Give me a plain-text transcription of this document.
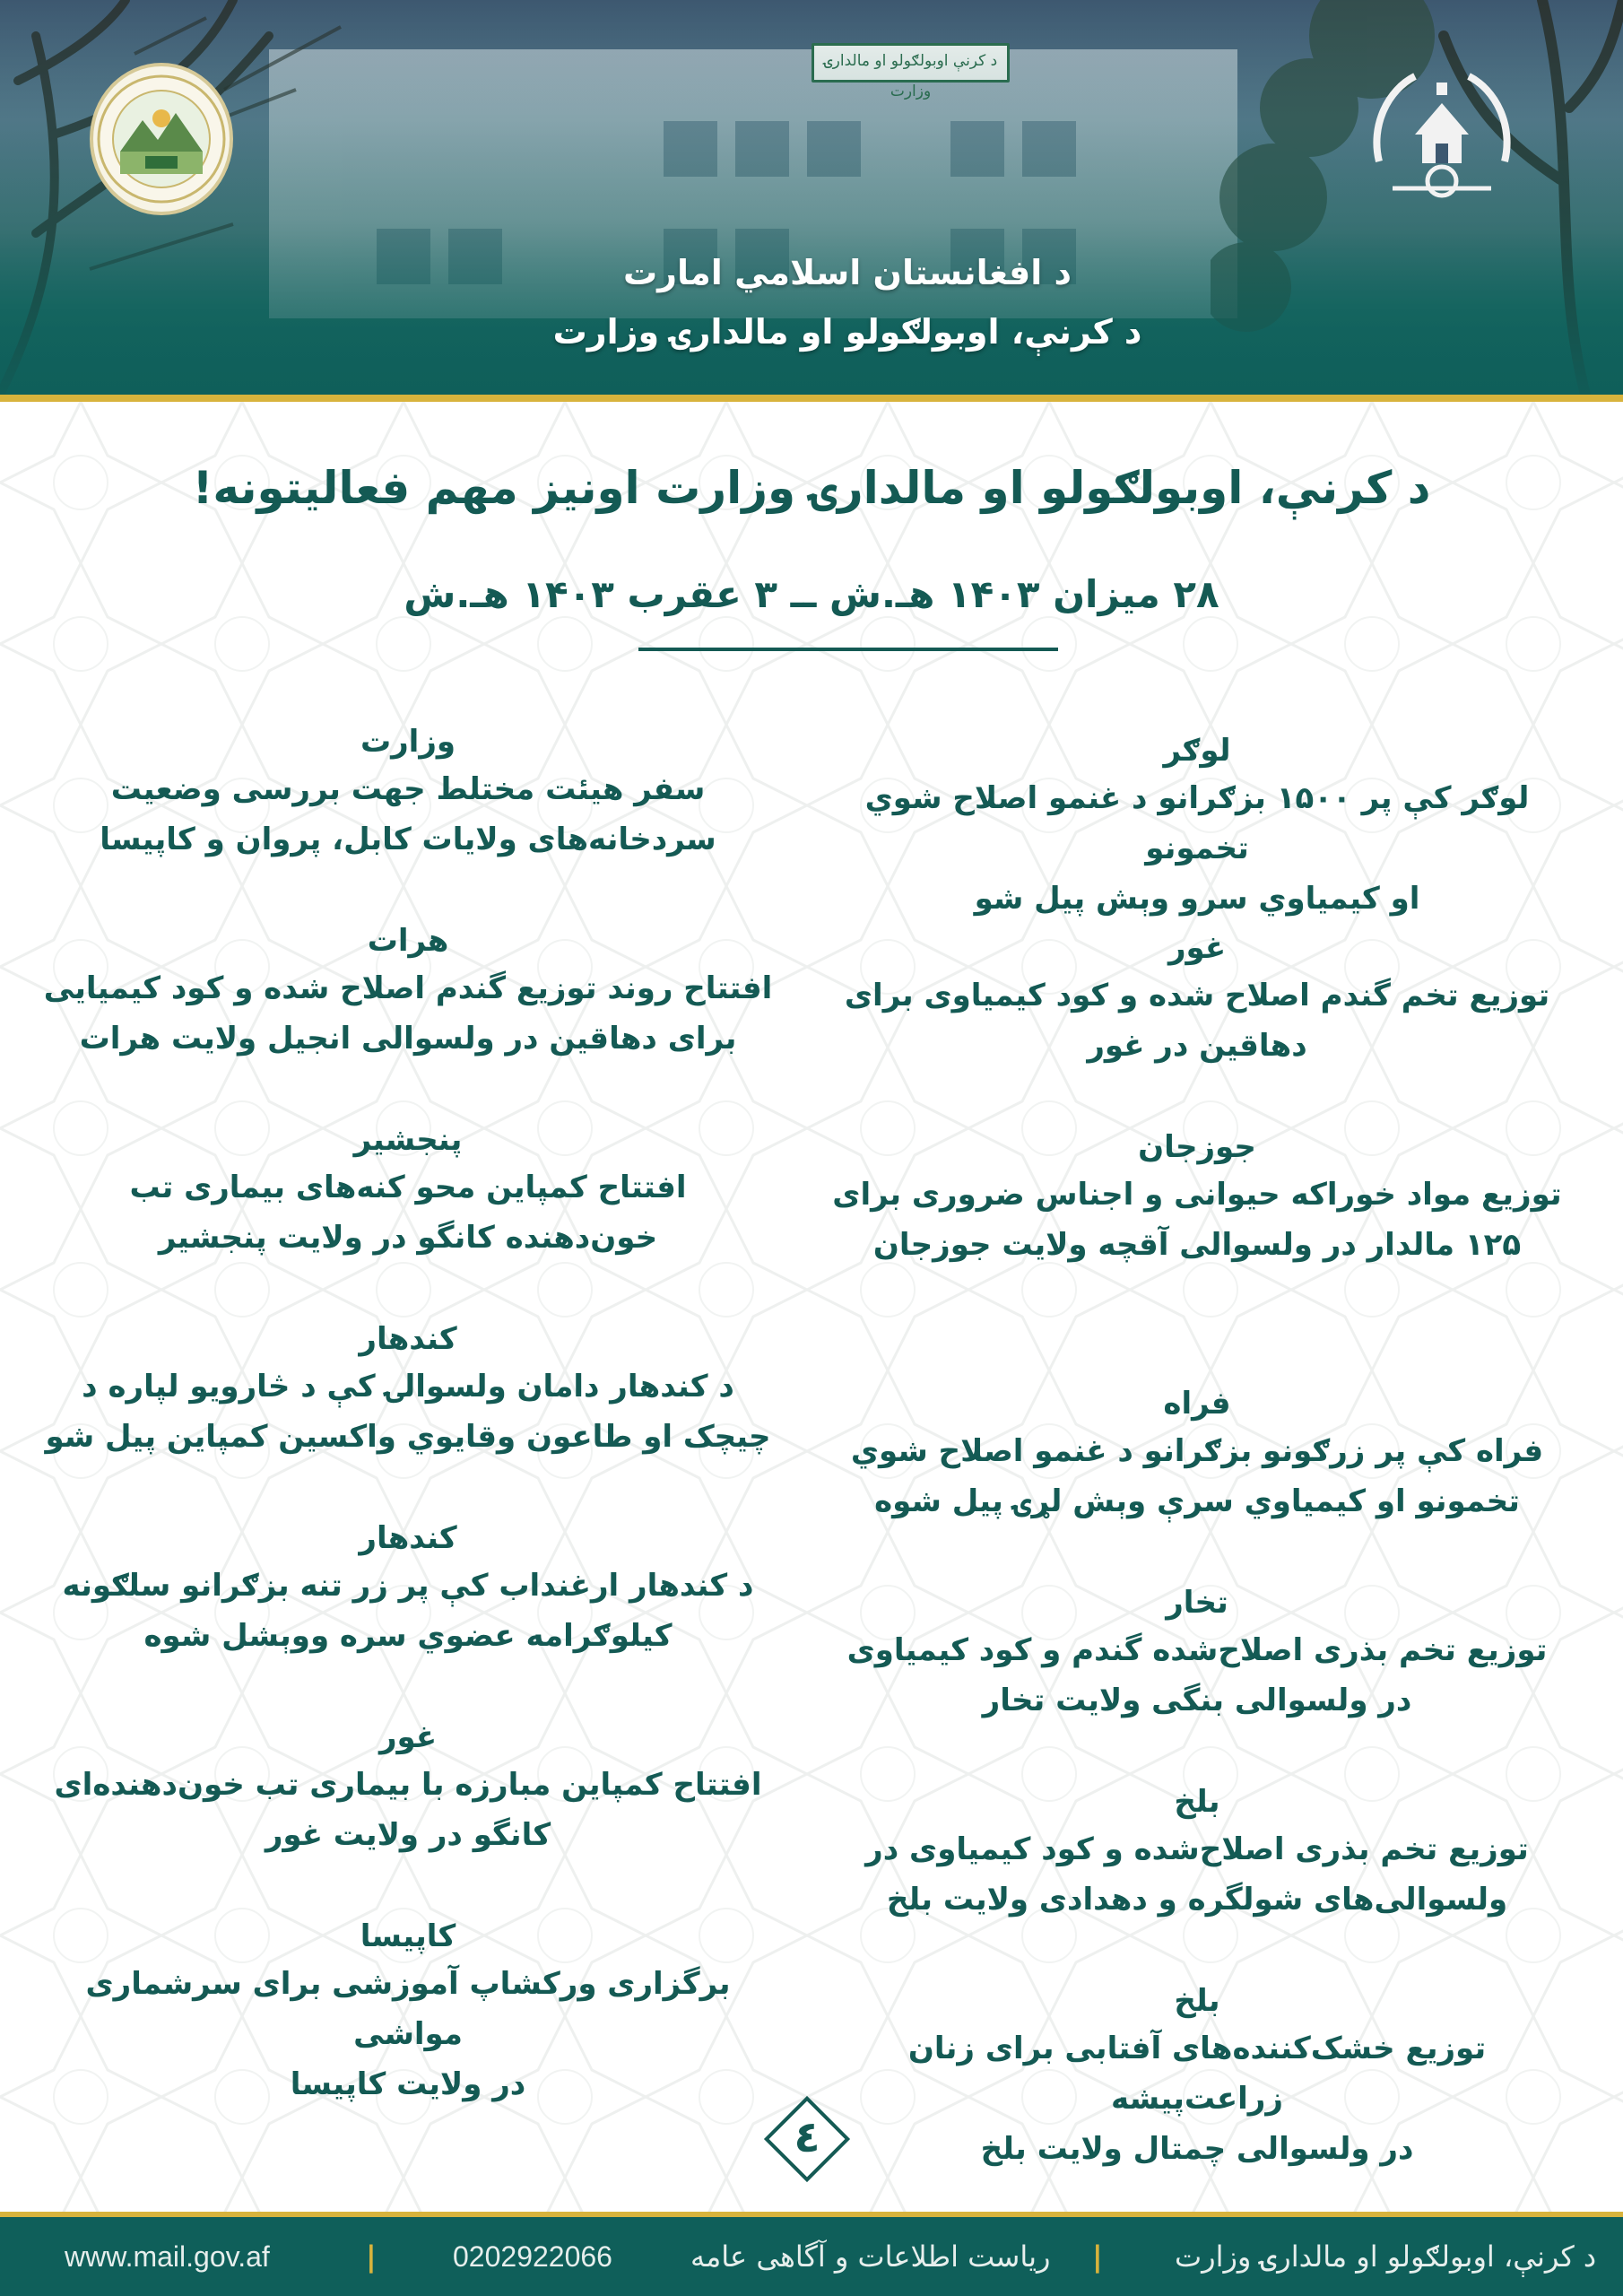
د افغانستان اسلامي امارت
د کرنې، اوبولګولو او مالدارۍ وزارت
د کرنې، اوبولګولو او مالدارۍ وزارت اونيز مهم فعاليتونه!
۲۸ میزان ۱۴۰۳ هـ.ش ــ ۳ عقرب ۱۴۰۳ هـ.ش
لوګر
لوګر کې پر ۱۵۰۰ بزګرانو د غنمو اصلاح شوي تخمونو
او کیمیاوي سرو وېش پیل شو
غور
توزیع تخم گندم اصلاح شده و کود کیمیاوی برای
دهاقین در غور
جوزجان
توزیع مواد خوراکه حیوانی و اجناس ضروری برای
۱۲۵ مالدار در ولسوالی آقچه ولایت جوزجان
فراه
فراه کې پر زرګونو بزګرانو د غنمو اصلاح شوي
تخمونو او کیمیاوي سرې وېش لړۍ پیل شوه
تخار
توزیع تخم بذری اصلاح‌شده گندم و کود کیمیاوی
در ولسوالی بنگی ولایت تخار
بلخ
توزیع تخم بذری اصلاح‌شده و کود کیمیاوی در
ولسوالی‌های شولگره و دهدادی ولایت بلخ
بلخ
توزیع خشک‌کننده‌های آفتابی برای زنان زراعت‌پیشه
در ولسوالی چمتال ولایت بلخ
وزارت
سفر هیئت مختلط جهت بررسی وضعیت
سردخانه‌های ولایات کابل، پروان و کاپیسا
هرات
افتتاح روند توزیع گندم اصلاح شده و کود کیمیایی
برای دهاقین در ولسوالی انجیل ولایت هرات
پنجشیر
افتتاح کمپاین محو کنه‌های بیماری تب
خون‌دهنده کانگو در ولایت پنجشیر
کندهار
د کندهار دامان ولسوالۍ کې د څارويو لپاره د
چیچک او طاعون وقایوي واکسین کمپاین پیل شو
کندهار
د کندهار ارغنداب کې پر زر تنه بزګرانو سلګونه
کیلوګرامه عضوي سره ووېشل شوه
غور
افتتاح کمپاین مبارزه با بیماری تب خون‌دهنده‌ای
کانگو در ولایت غور
کاپیسا
برگزاری ورکشاپ آموزشی برای سرشماری مواشی
در ولایت کاپیسا
٤
www.mail.gov.af	|	0202922066	ریاست اطلاعات و آگاهی عامه |	د کرنې، اوبولګولو او مالدارۍ وزارت
